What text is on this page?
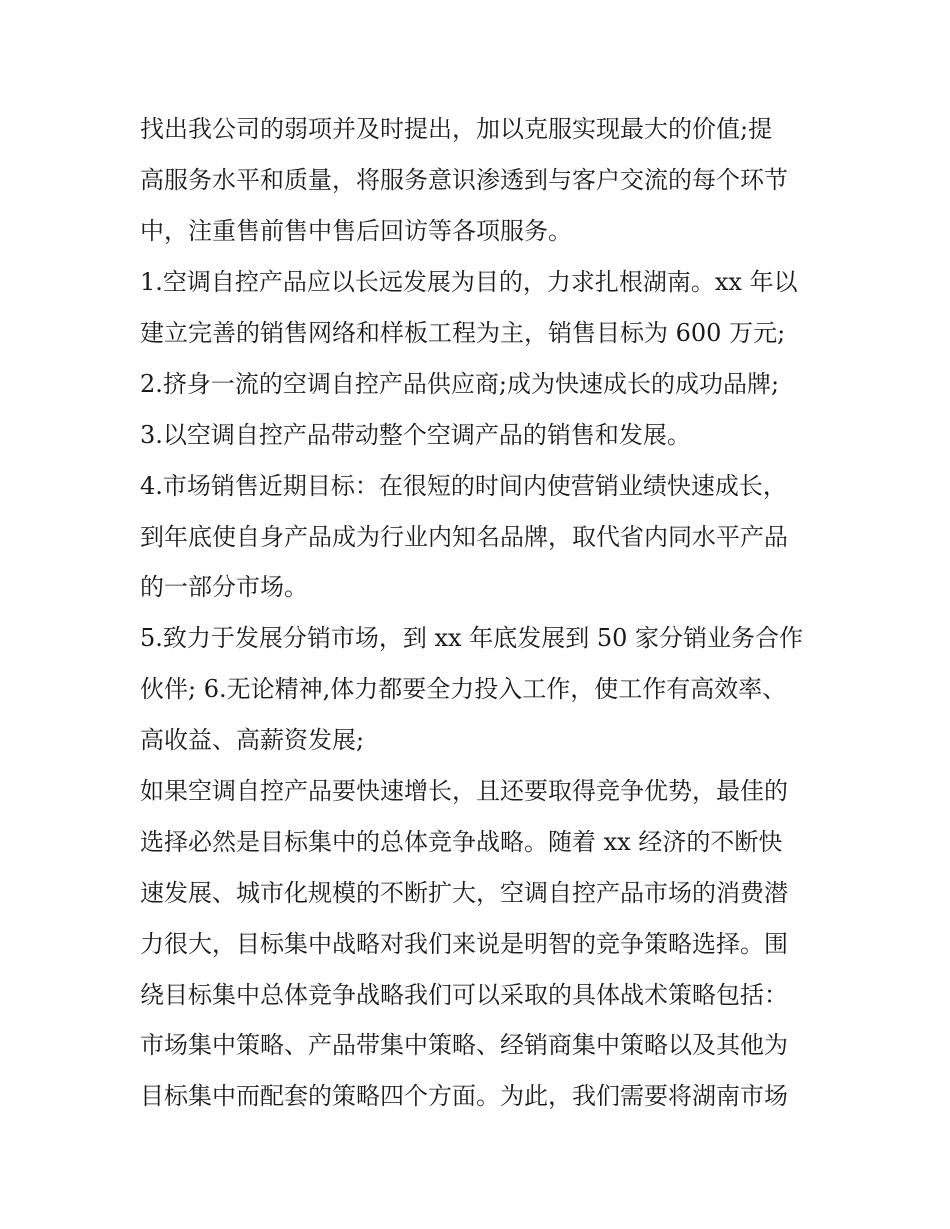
找出我公司的弱项并及时提出，加以克服实现最大的价值;提
高服务水平和质量，将服务意识渗透到与客户交流的每个环节
中，注重售前售中售后回访等各项服务。
1.空调自控产品应以长远发展为目的，力求扎根湖南。xx 年以
建立完善的销售网络和样板工程为主，销售目标为 600 万元;
2.挤身一流的空调自控产品供应商;成为快速成长的成功品牌;
3.以空调自控产品带动整个空调产品的销售和发展。
4.市场销售近期目标：在很短的时间内使营销业绩快速成长，
到年底使自身产品成为行业内知名品牌，取代省内同水平产品
的一部分市场。
5.致力于发展分销市场，到 xx 年底发展到 50 家分销业务合作
伙伴; 6.无论精神,体力都要全力投入工作，使工作有高效率、
高收益、高薪资发展;
如果空调自控产品要快速增长，且还要取得竞争优势，最佳的
选择必然是目标集中的总体竞争战略。随着 xx 经济的不断快
速发展、城市化规模的不断扩大，空调自控产品市场的消费潜
力很大，目标集中战略对我们来说是明智的竞争策略选择。围
绕目标集中总体竞争战略我们可以采取的具体战术策略包括：
市场集中策略、产品带集中策略、经销商集中策略以及其他为
目标集中而配套的策略四个方面。为此，我们需要将湖南市场
